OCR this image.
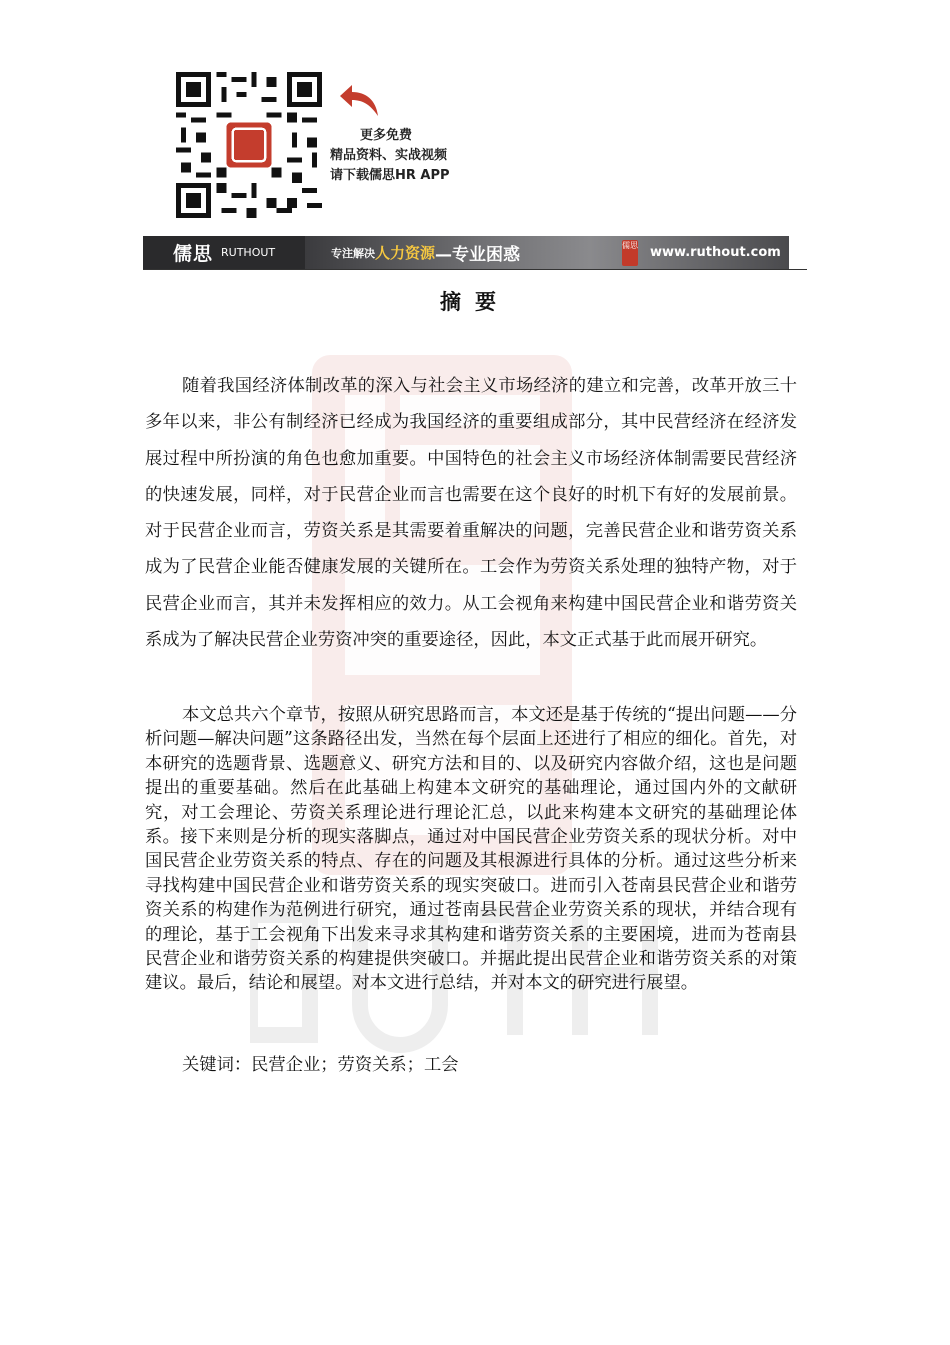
更多免费
精品资料、实战视频
请下载儒思HR APP
儒思 RUTHOUT	专注解决 人力资源 —专业困惑	儒思 www.ruthout.com
摘要

随着我国经济体制改革的深入与社会主义市场经济的建立和完善，改革开放三十多年以来，非公有制经济已经成为我国经济的重要组成部分，其中民营经济在经济发展过程中所扮演的角色也愈加重要。中国特色的社会主义市场经济体制需要民营经济的快速发展，同样，对于民营企业而言也需要在这个良好的时机下有好的发展前景。对于民营企业而言，劳资关系是其需要着重解决的问题，完善民营企业和谐劳资关系成为了民营企业能否健康发展的关键所在。工会作为劳资关系处理的独特产物，对于民营企业而言，其并未发挥相应的效力。从工会视角来构建中国民营企业和谐劳资关系成为了解决民营企业劳资冲突的重要途径，因此，本文正式基于此而展开研究。

本文总共六个章节，按照从研究思路而言，本文还是基于传统的“提出问题——分析问题—解决问题”这条路径出发，当然在每个层面上还进行了相应的细化。首先，对本研究的选题背景、选题意义、研究方法和目的、以及研究内容做介绍，这也是问题提出的重要基础。然后在此基础上构建本文研究的基础理论，通过国内外的文献研究，对工会理论、劳资关系理论进行理论汇总，以此来构建本文研究的基础理论体系。接下来则是分析的现实落脚点，通过对中国民营企业劳资关系的现状分析。对中国民营企业劳资关系的特点、存在的问题及其根源进行具体的分析。通过这些分析来寻找构建中国民营企业和谐劳资关系的现实突破口。进而引入苍南县民营企业和谐劳资关系的构建作为范例进行研究，通过苍南县民营企业劳资关系的现状，并结合现有的理论，基于工会视角下出发来寻求其构建和谐劳资关系的主要困境，进而为苍南县民营企业和谐劳资关系的构建提供突破口。并据此提出民营企业和谐劳资关系的对策建议。最后，结论和展望。对本文进行总结，并对本文的研究进行展望。

关键词：民营企业；劳资关系；工会
